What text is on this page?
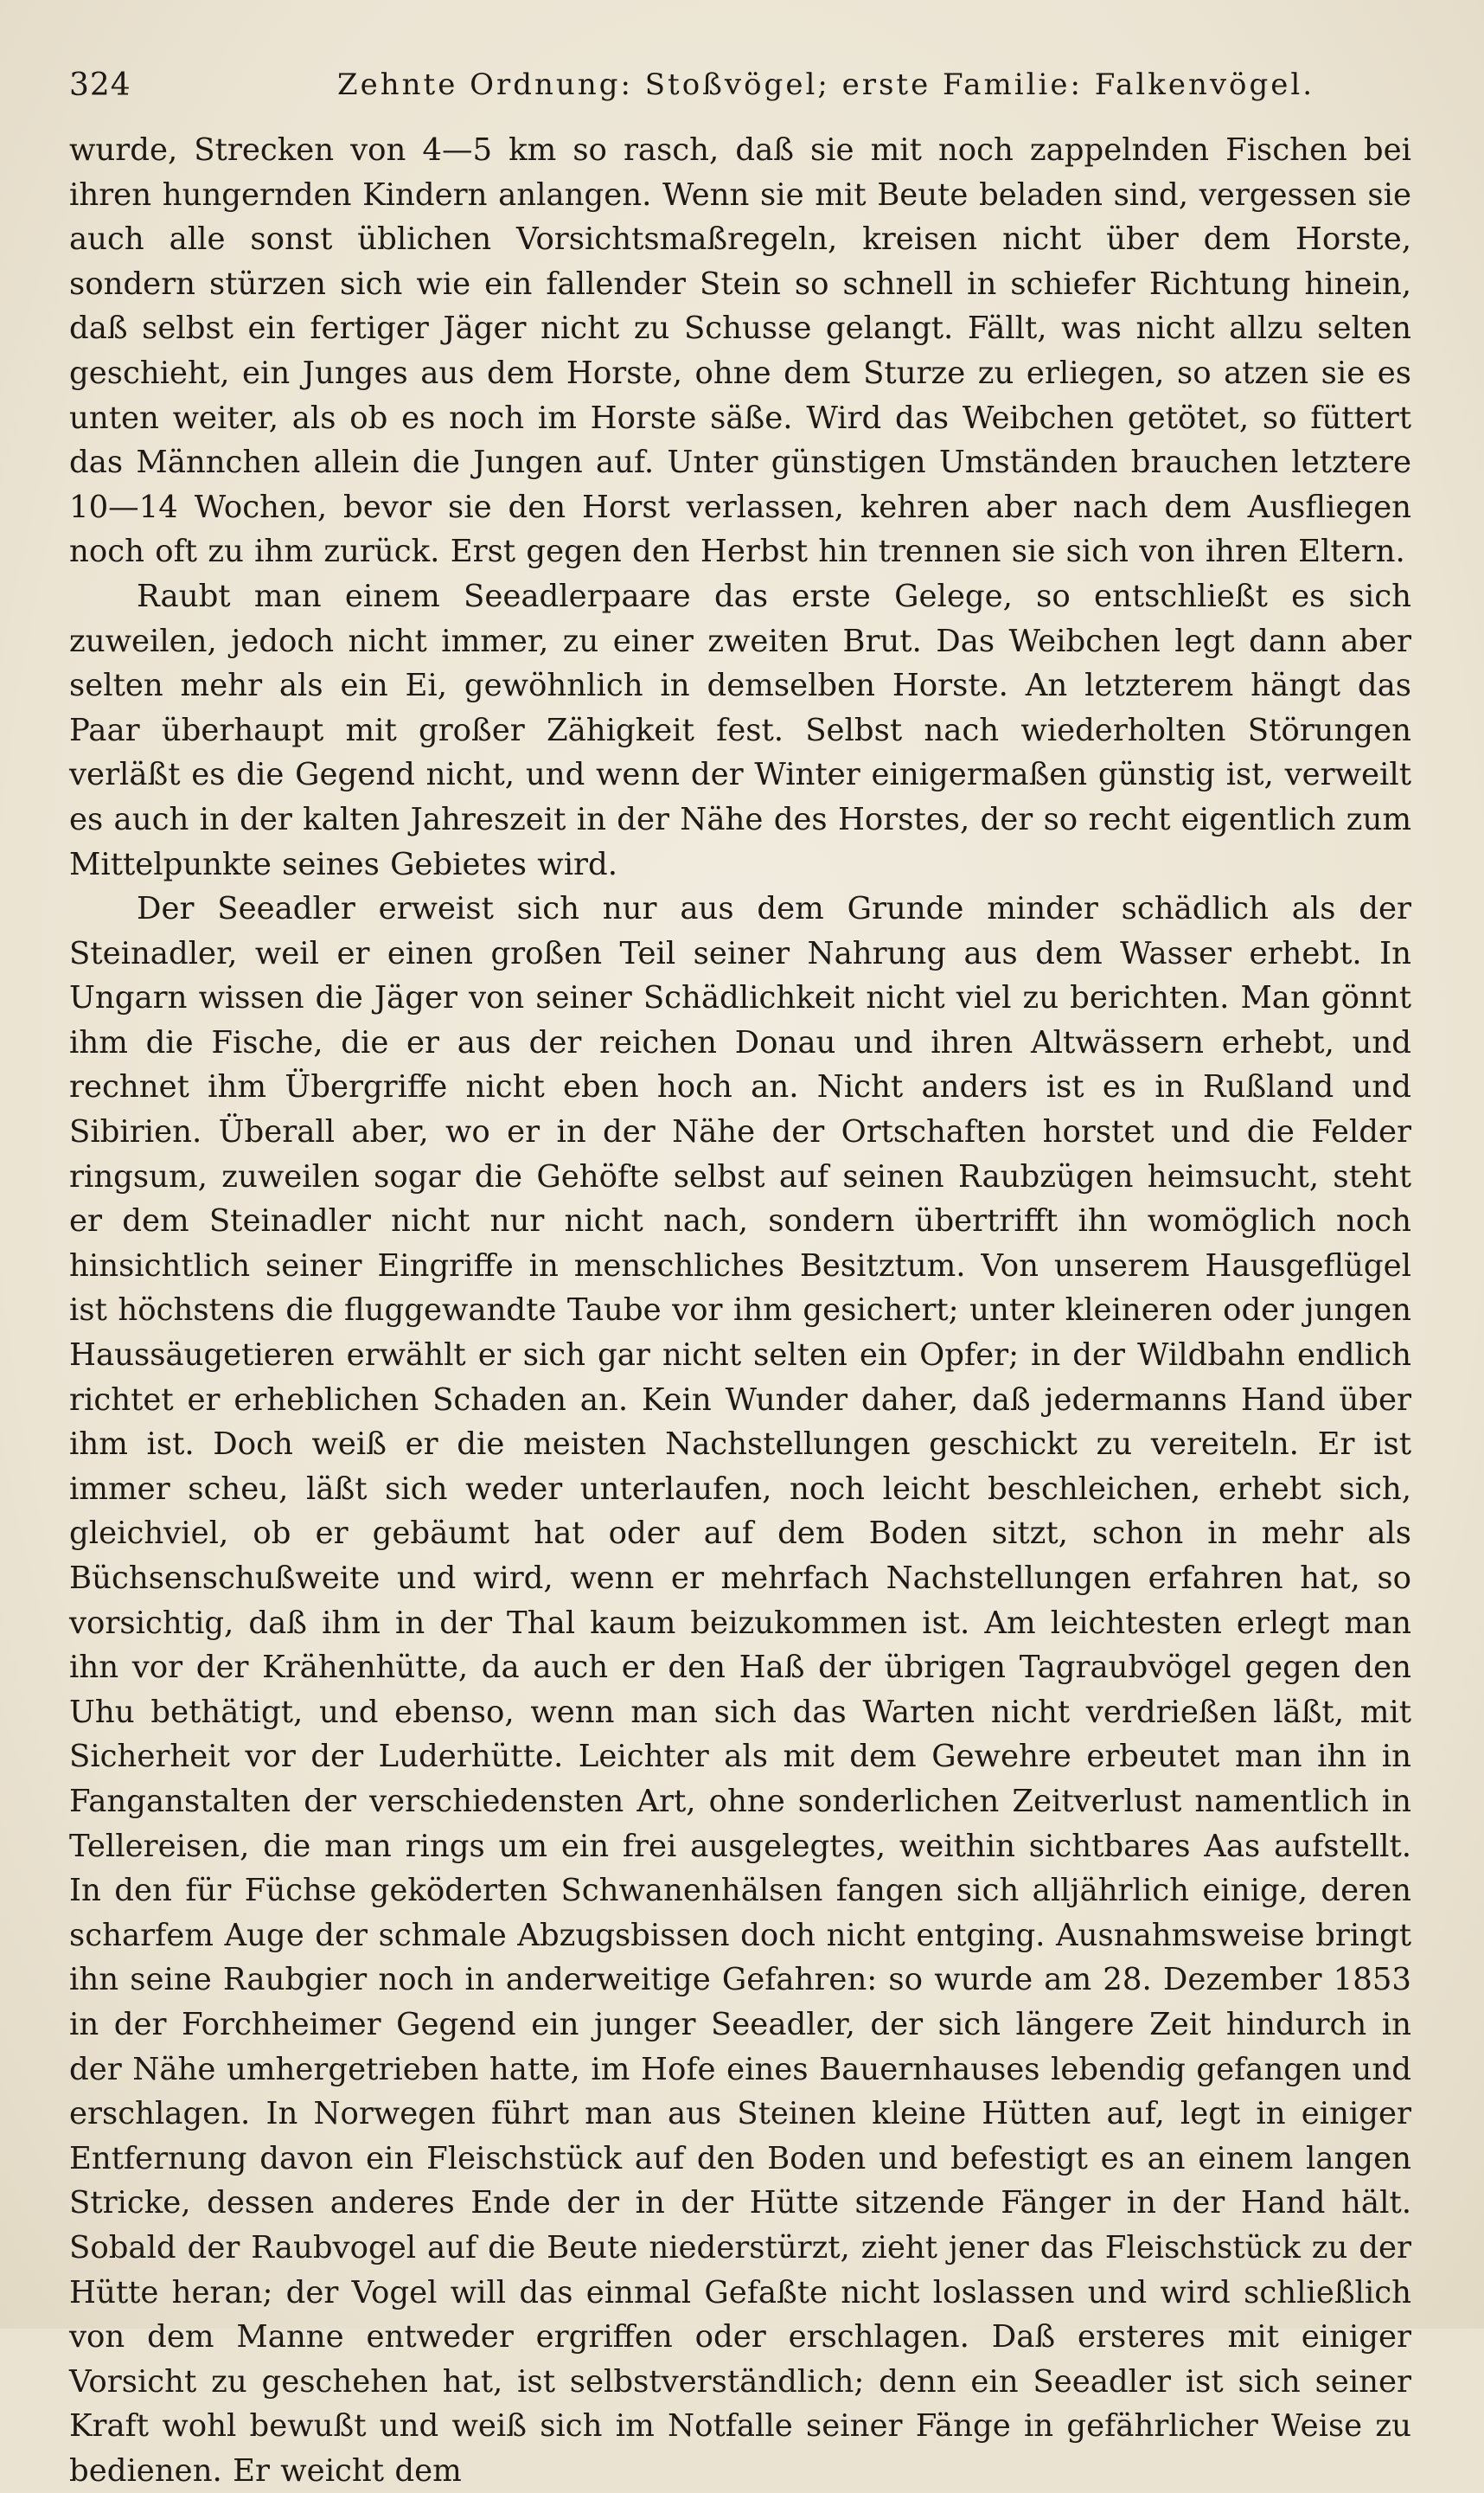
324	Zehnte Ordnung: Stoßvögel; erste Familie: Falkenvögel.

wurde, Strecken von 4—5 km so rasch, daß sie mit noch zappelnden Fischen bei ihren hungernden Kindern anlangen. Wenn sie mit Beute beladen sind, vergessen sie auch alle sonst üblichen Vorsichtsmaßregeln, kreisen nicht über dem Horste, sondern stürzen sich wie ein fallender Stein so schnell in schiefer Richtung hinein, daß selbst ein fertiger Jäger nicht zu Schusse gelangt. Fällt, was nicht allzu selten geschieht, ein Junges aus dem Horste, ohne dem Sturze zu erliegen, so atzen sie es unten weiter, als ob es noch im Horste säße. Wird das Weibchen getötet, so füttert das Männchen allein die Jungen auf. Unter günstigen Umständen brauchen letztere 10—14 Wochen, bevor sie den Horst verlassen, kehren aber nach dem Ausfliegen noch oft zu ihm zurück. Erst gegen den Herbst hin trennen sie sich von ihren Eltern.

Raubt man einem Seeadlerpaare das erste Gelege, so entschließt es sich zuweilen, jedoch nicht immer, zu einer zweiten Brut. Das Weibchen legt dann aber selten mehr als ein Ei, gewöhnlich in demselben Horste. An letzterem hängt das Paar überhaupt mit großer Zähigkeit fest. Selbst nach wiederholten Störungen verläßt es die Gegend nicht, und wenn der Winter einigermaßen günstig ist, verweilt es auch in der kalten Jahreszeit in der Nähe des Horstes, der so recht eigentlich zum Mittelpunkte seines Gebietes wird.

Der Seeadler erweist sich nur aus dem Grunde minder schädlich als der Steinadler, weil er einen großen Teil seiner Nahrung aus dem Wasser erhebt. In Ungarn wissen die Jäger von seiner Schädlichkeit nicht viel zu berichten. Man gönnt ihm die Fische, die er aus der reichen Donau und ihren Altwässern erhebt, und rechnet ihm Übergriffe nicht eben hoch an. Nicht anders ist es in Rußland und Sibirien. Überall aber, wo er in der Nähe der Ortschaften horstet und die Felder ringsum, zuweilen sogar die Gehöfte selbst auf seinen Raubzügen heimsucht, steht er dem Steinadler nicht nur nicht nach, sondern übertrifft ihn womöglich noch hinsichtlich seiner Eingriffe in menschliches Besitztum. Von unserem Hausgeflügel ist höchstens die fluggewandte Taube vor ihm gesichert; unter kleineren oder jungen Haussäugetieren erwählt er sich gar nicht selten ein Opfer; in der Wildbahn endlich richtet er erheblichen Schaden an. Kein Wunder daher, daß jedermanns Hand über ihm ist. Doch weiß er die meisten Nachstellungen geschickt zu vereiteln. Er ist immer scheu, läßt sich weder unterlaufen, noch leicht beschleichen, erhebt sich, gleichviel, ob er gebäumt hat oder auf dem Boden sitzt, schon in mehr als Büchsenschußweite und wird, wenn er mehrfach Nachstellungen erfahren hat, so vorsichtig, daß ihm in der Thal kaum beizukommen ist. Am leichtesten erlegt man ihn vor der Krähenhütte, da auch er den Haß der übrigen Tagraubvögel gegen den Uhu bethätigt, und ebenso, wenn man sich das Warten nicht verdrießen läßt, mit Sicherheit vor der Luderhütte. Leichter als mit dem Gewehre erbeutet man ihn in Fanganstalten der verschiedensten Art, ohne sonderlichen Zeitverlust namentlich in Tellereisen, die man rings um ein frei ausgelegtes, weithin sichtbares Aas aufstellt. In den für Füchse geköderten Schwanenhälsen fangen sich alljährlich einige, deren scharfem Auge der schmale Abzugsbissen doch nicht entging. Ausnahmsweise bringt ihn seine Raubgier noch in anderweitige Gefahren: so wurde am 28. Dezember 1853 in der Forchheimer Gegend ein junger Seeadler, der sich längere Zeit hindurch in der Nähe umhergetrieben hatte, im Hofe eines Bauernhauses lebendig gefangen und erschlagen. In Norwegen führt man aus Steinen kleine Hütten auf, legt in einiger Entfernung davon ein Fleischstück auf den Boden und befestigt es an einem langen Stricke, dessen anderes Ende der in der Hütte sitzende Fänger in der Hand hält. Sobald der Raubvogel auf die Beute niederstürzt, zieht jener das Fleischstück zu der Hütte heran; der Vogel will das einmal Gefaßte nicht loslassen und wird schließlich von dem Manne entweder ergriffen oder erschlagen. Daß ersteres mit einiger Vorsicht zu geschehen hat, ist selbstverständlich; denn ein Seeadler ist sich seiner Kraft wohl bewußt und weiß sich im Notfalle seiner Fänge in gefährlicher Weise zu bedienen. Er weicht dem
